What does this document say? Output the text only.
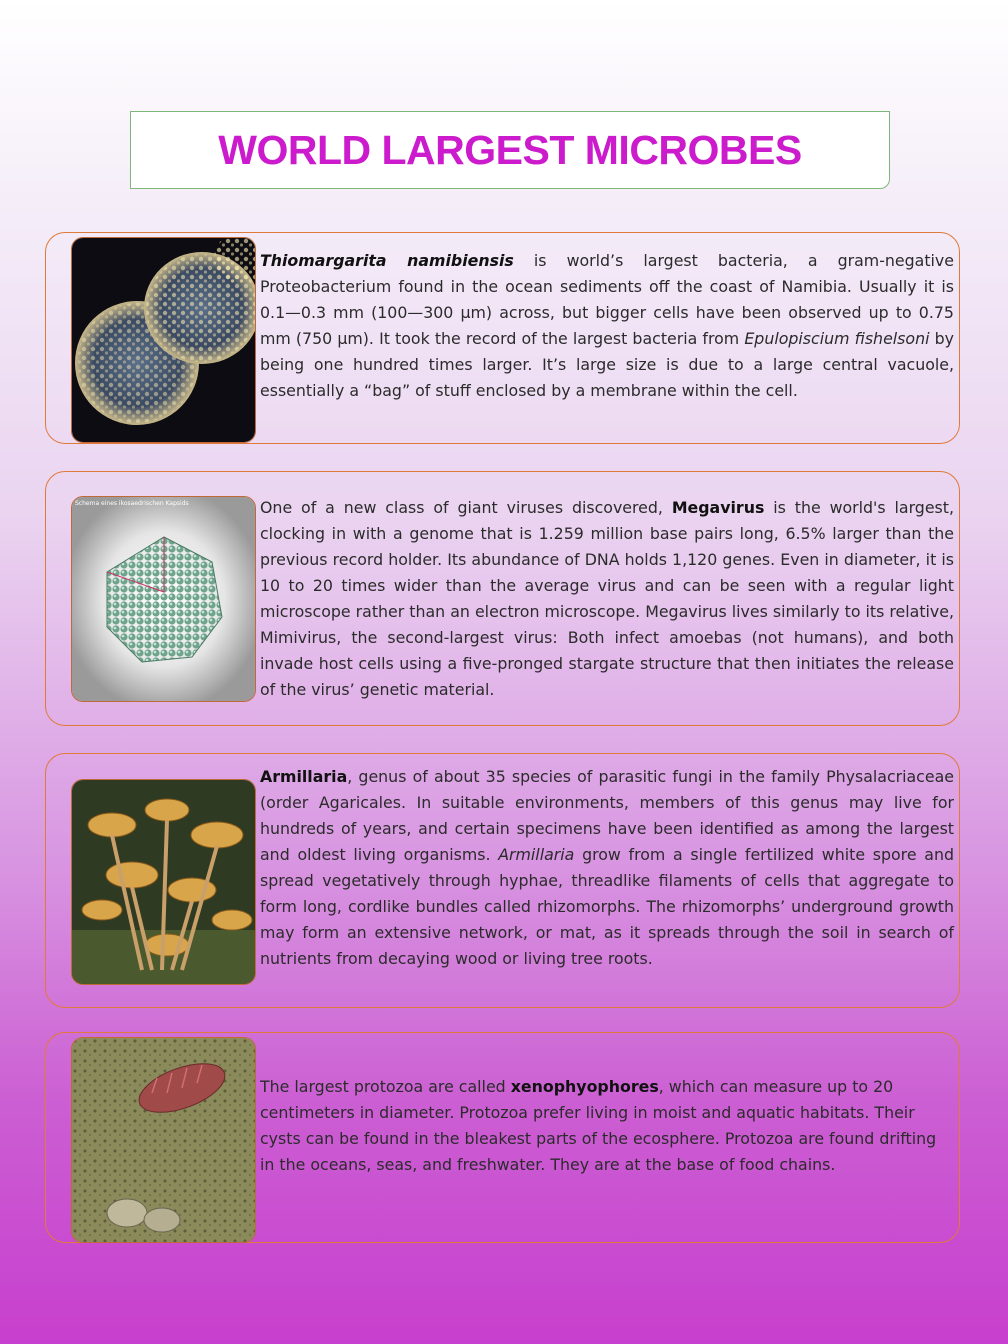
WORLD LARGEST MICROBES
Thiomargarita namibiensis is world’s largest bacteria, a gram-negative Proteobacterium found in the ocean sediments off the coast of Namibia. Usually it is 0.1—0.3 mm (100—300 µm) across, but bigger cells have been observed up to 0.75 mm (750 µm). It took the record of the largest bacteria from Epulopiscium fishelsoni by being one hundred times larger. It’s large size is due to a large central vacuole, essentially a “bag” of stuff enclosed by a membrane within the cell.
Schema eines ikosaedrischen Kapsids	One of a new class of giant viruses discovered, Megavirus is the world's largest, clocking in with a genome that is 1.259 million base pairs long, 6.5% larger than the previous record holder. Its abundance of DNA holds 1,120 genes. Even in diameter, it is 10 to 20 times wider than the average virus and can be seen with a regular light microscope rather than an electron microscope. Megavirus lives similarly to its relative, Mimivirus, the second-largest virus: Both infect amoebas (not humans), and both invade host cells using a five-pronged stargate structure that then initiates the release of the virus’ genetic material.
Armillaria, genus of about 35 species of parasitic fungi in the family Physalacriaceae (order Agaricales. In suitable environments, members of this genus may live for hundreds of years, and certain specimens have been identified as among the largest and oldest living organisms. Armillaria grow from a single fertilized white spore and spread vegetatively through hyphae, threadlike filaments of cells that aggregate to form long, cordlike bundles called rhizomorphs. The rhizomorphs’ underground growth may form an extensive network, or mat, as it spreads through the soil in search of nutrients from decaying wood or living tree roots.
The largest protozoa are called xenophyophores, which can measure up to 20 centimeters in diameter. Protozoa prefer living in moist and aquatic habitats. Their cysts can be found in the bleakest parts of the ecosphere. Protozoa are found drifting in the oceans, seas, and freshwater. They are at the base of food chains.
